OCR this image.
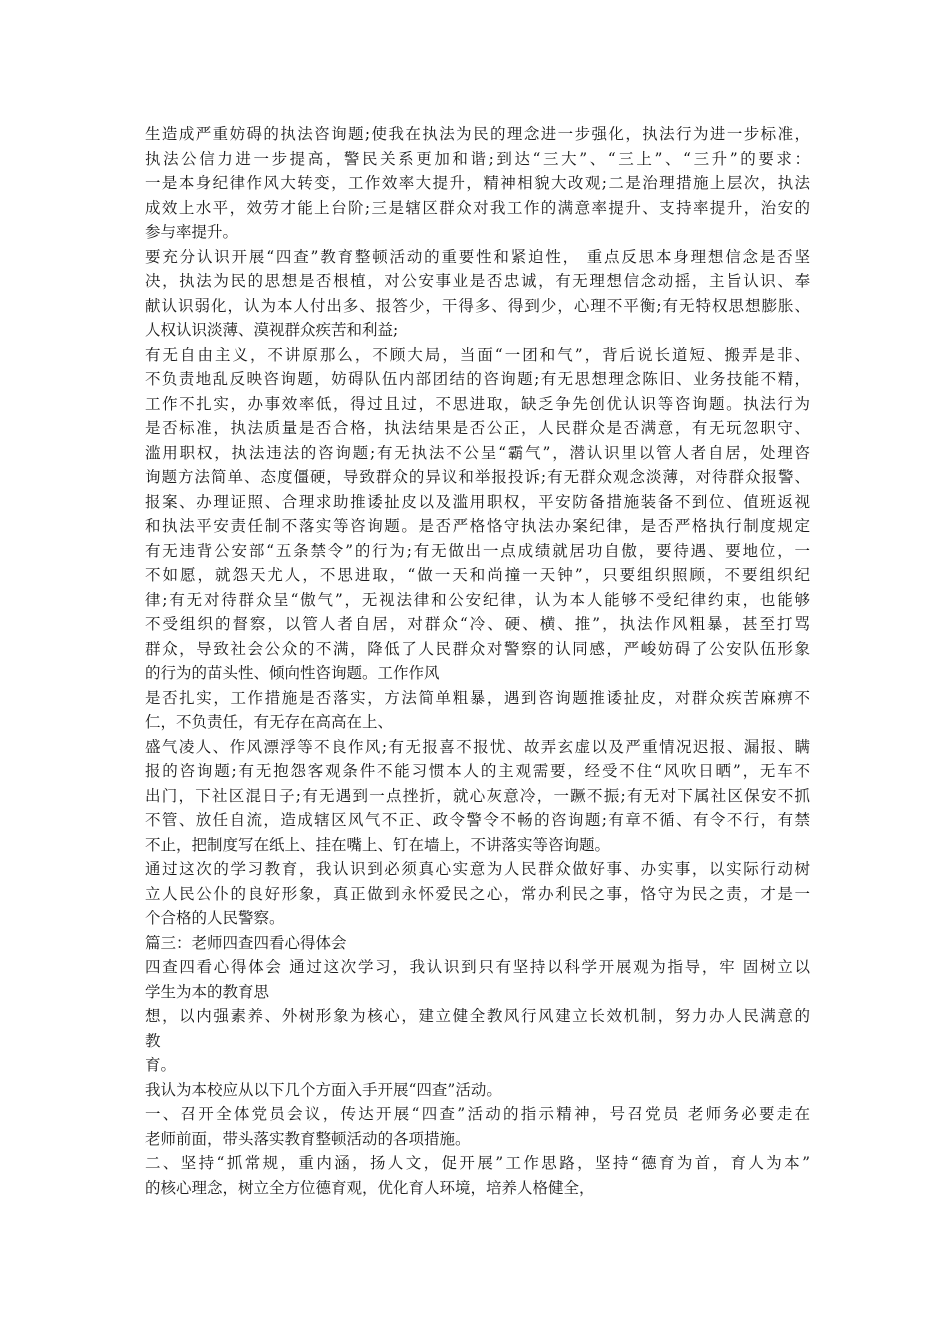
生造成严重妨碍的执法咨询题;使我在执法为民的理念进一步强化，执法行为进一步标准，
执法公信力进一步提高，警民关系更加和谐;到达“三大”、“三上”、“三升”的要求：
一是本身纪律作风大转变，工作效率大提升，精神相貌大改观;二是治理措施上层次，执法
成效上水平，效劳才能上台阶;三是辖区群众对我工作的满意率提升、支持率提升，治安的
参与率提升。
要充分认识开展“四查”教育整顿活动的重要性和紧迫性， 重点反思本身理想信念是否坚
决，执法为民的思想是否根植，对公安事业是否忠诚，有无理想信念动摇，主旨认识、奉
献认识弱化，认为本人付出多、报答少，干得多、得到少，心理不平衡;有无特权思想膨胀、
人权认识淡薄、漠视群众疾苦和利益;
有无自由主义，不讲原那么，不顾大局，当面“一团和气”，背后说长道短、搬弄是非、
不负责地乱反映咨询题，妨碍队伍内部团结的咨询题;有无思想理念陈旧、业务技能不精，
工作不扎实，办事效率低，得过且过，不思进取，缺乏争先创优认识等咨询题。执法行为
是否标准，执法质量是否合格，执法结果是否公正，人民群众是否满意，有无玩忽职守、
滥用职权，执法违法的咨询题;有无执法不公呈“霸气”，潜认识里以管人者自居，处理咨
询题方法简单、态度僵硬，导致群众的异议和举报投诉;有无群众观念淡薄，对待群众报警、
报案、办理证照、合理求助推诿扯皮以及滥用职权，平安防备措施装备不到位、值班返视
和执法平安责任制不落实等咨询题。是否严格恪守执法办案纪律，是否严格执行制度规定
有无违背公安部“五条禁令”的行为;有无做出一点成绩就居功自傲，要待遇、要地位，一
不如愿，就怨天尤人，不思进取，“做一天和尚撞一天钟”，只要组织照顾，不要组织纪
律;有无对待群众呈“傲气”，无视法律和公安纪律，认为本人能够不受纪律约束，也能够
不受组织的督察，以管人者自居，对群众“冷、硬、横、推”，执法作风粗暴，甚至打骂
群众，导致社会公众的不满，降低了人民群众对警察的认同感，严峻妨碍了公安队伍形象
的行为的苗头性、倾向性咨询题。工作作风
是否扎实，工作措施是否落实，方法简单粗暴，遇到咨询题推诿扯皮，对群众疾苦麻痹不
仁，不负责任，有无存在高高在上、
盛气凌人、作风漂浮等不良作风;有无报喜不报忧、故弄玄虚以及严重情况迟报、漏报、瞒
报的咨询题;有无抱怨客观条件不能习惯本人的主观需要，经受不住“风吹日晒”，无车不
出门，下社区混日子;有无遇到一点挫折，就心灰意冷，一蹶不振;有无对下属社区保安不抓
不管、放任自流，造成辖区风气不正、政令警令不畅的咨询题;有章不循、有令不行，有禁
不止，把制度写在纸上、挂在嘴上、钉在墙上，不讲落实等咨询题。
通过这次的学习教育，我认识到必须真心实意为人民群众做好事、办实事，以实际行动树
立人民公仆的良好形象，真正做到永怀爱民之心，常办利民之事，恪守为民之责，才是一
个合格的人民警察。
篇三：老师四查四看心得体会
四查四看心得体会 通过这次学习，我认识到只有坚持以科学开展观为指导，牢 固树立以
学生为本的教育思
想，以内强素养、外树形象为核心，建立健全教风行风建立长效机制，努力办人民满意的
教
育。
我认为本校应从以下几个方面入手开展“四查”活动。
一、召开全体党员会议，传达开展“四查”活动的指示精神，号召党员 老师务必要走在
老师前面，带头落实教育整顿活动的各项措施。
二、坚持“抓常规，重内涵，扬人文，促开展”工作思路，坚持“德育为首，育人为本”
的核心理念，树立全方位德育观，优化育人环境，培养人格健全，
